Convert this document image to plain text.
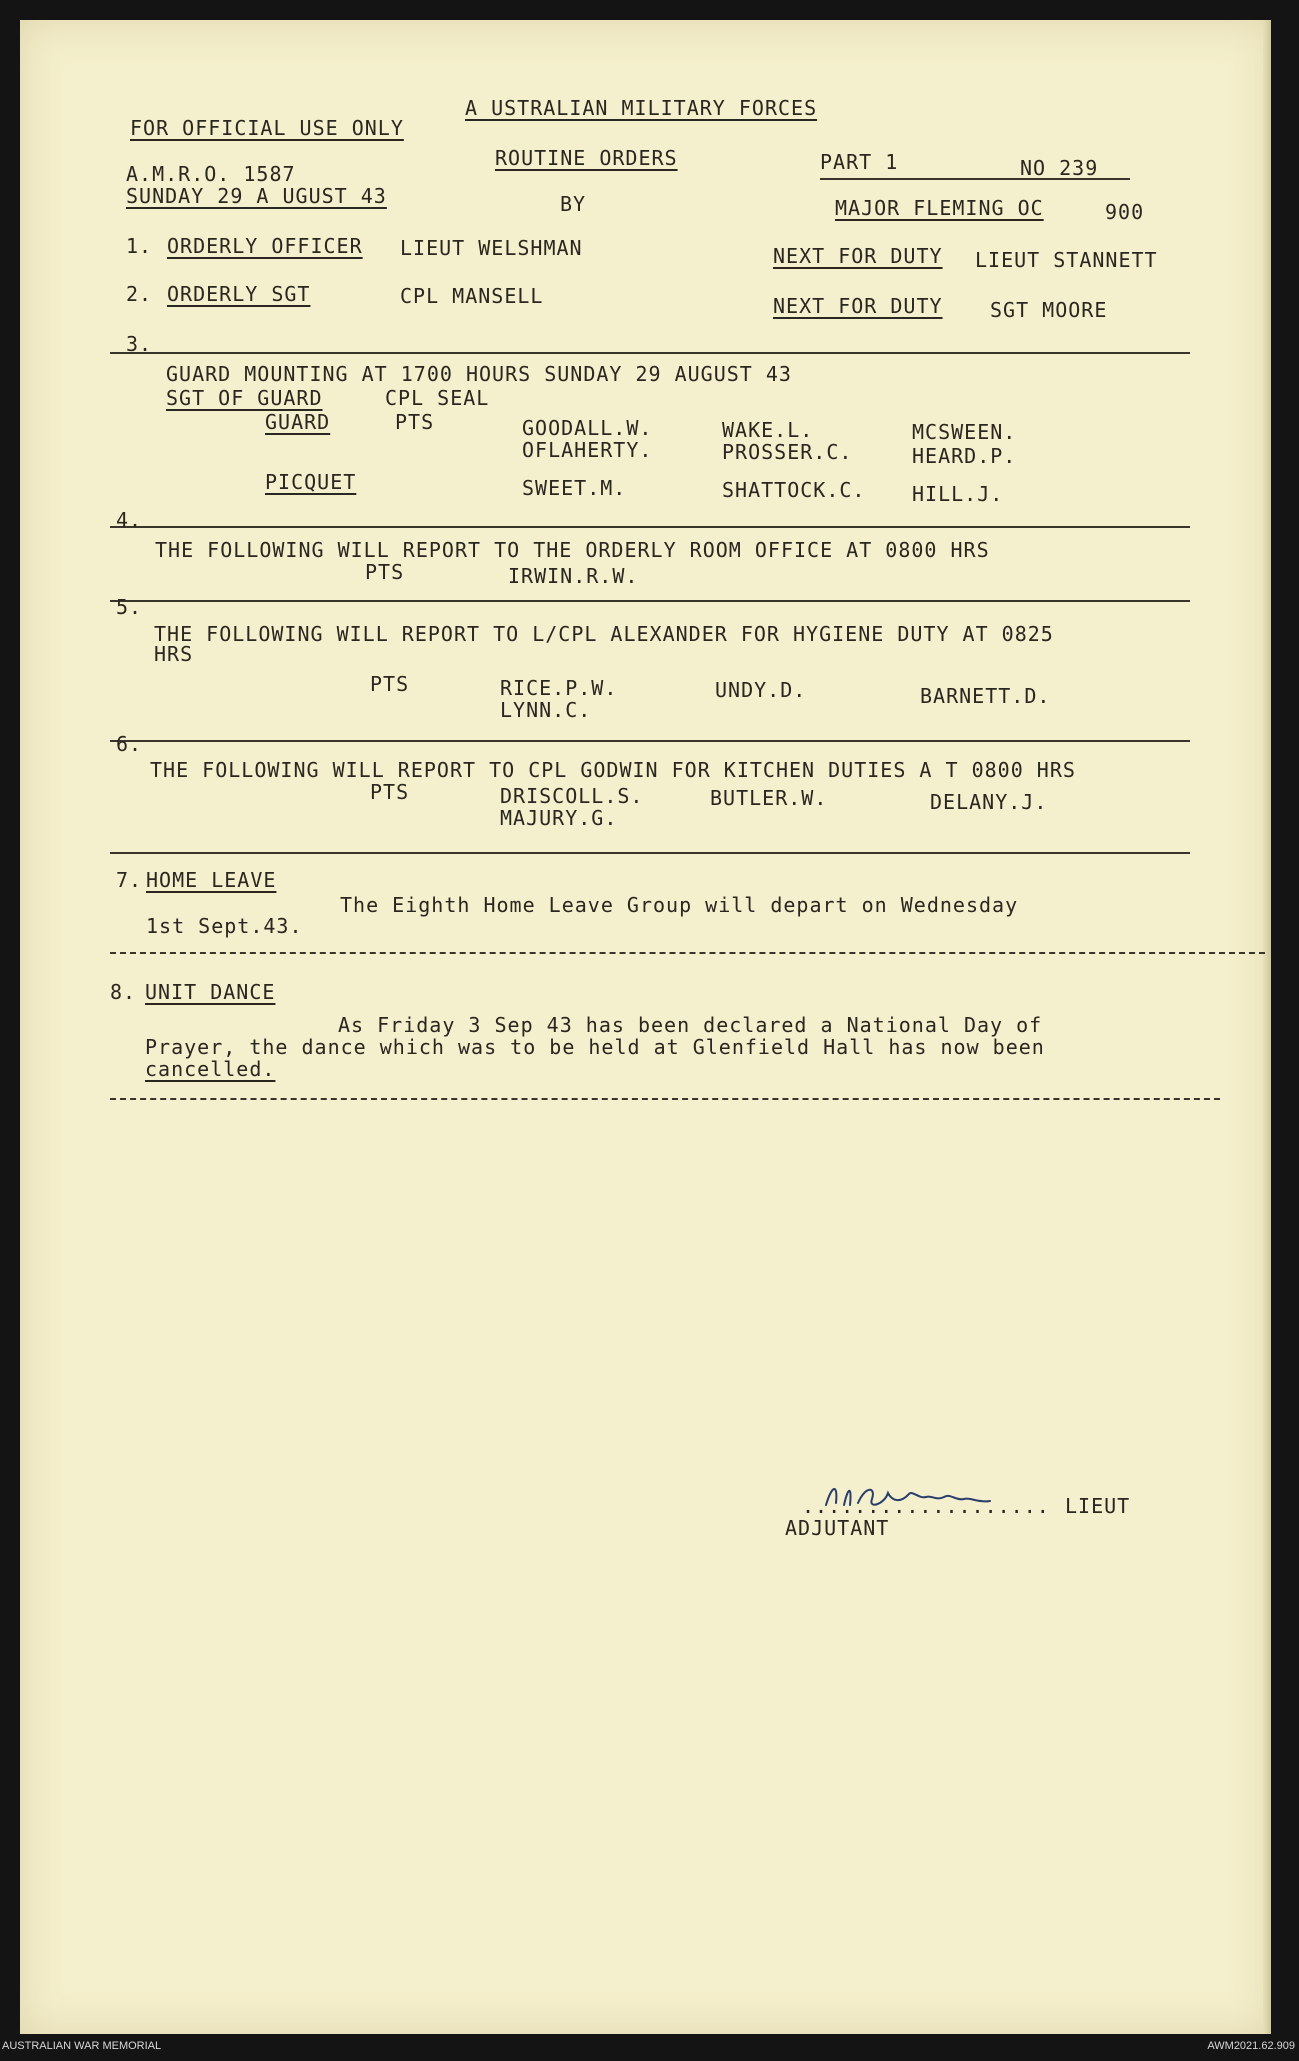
A USTRALIAN MILITARY FORCES
FOR OFFICIAL USE ONLY
ROUTINE ORDERS	PART 1	NO 239
A.M.R.O. 1587
SUNDAY 29 A UGUST 43	BY	MAJOR FLEMING OC	900
1. ORDERLY OFFICER LIEUT WELSHMAN	NEXT FOR DUTY LIEUT STANNETT
2. ORDERLY SGT	CPL MANSELL	NEXT FOR DUTY SGT MOORE
3.
GUARD MOUNTING AT 1700 HOURS SUNDAY 29 AUGUST 43
SGT OF GUARD	CPL SEAL
GUARD	PTS	GOODALL.W.	WAKE.L.	MCSWEEN.
OFLAHERTY.	PROSSER.C.	HEARD.P.
PICQUET	SWEET.M.	SHATTOCK.C. HILL.J.
4.
THE FOLLOWING WILL REPORT TO THE ORDERLY ROOM OFFICE AT 0800 HRS
PTS	IRWIN.R.W.
5.
THE FOLLOWING WILL REPORT TO L/CPL ALEXANDER FOR HYGIENE DUTY AT 0825
HRS
PTS	RICE.P.W.	UNDY.D.	BARNETT.D.
LYNN.C.
6.
THE FOLLOWING WILL REPORT TO CPL GODWIN FOR KITCHEN DUTIES A T 0800 HRS
PTS	DRISCOLL.S.	BUTLER.W.	DELANY.J.
MAJURY.G.
7. HOME LEAVE
The Eighth Home Leave Group will depart on Wednesday
1st Sept.43.
8. UNIT DANCE
As Friday 3 Sep 43 has been declared a National Day of
Prayer, the dance which was to be held at Glenfield Hall has now been
cancelled.
................... LIEUT
ADJUTANT
AUSTRALIAN WAR MEMORIAL	AWM2021.62.909
